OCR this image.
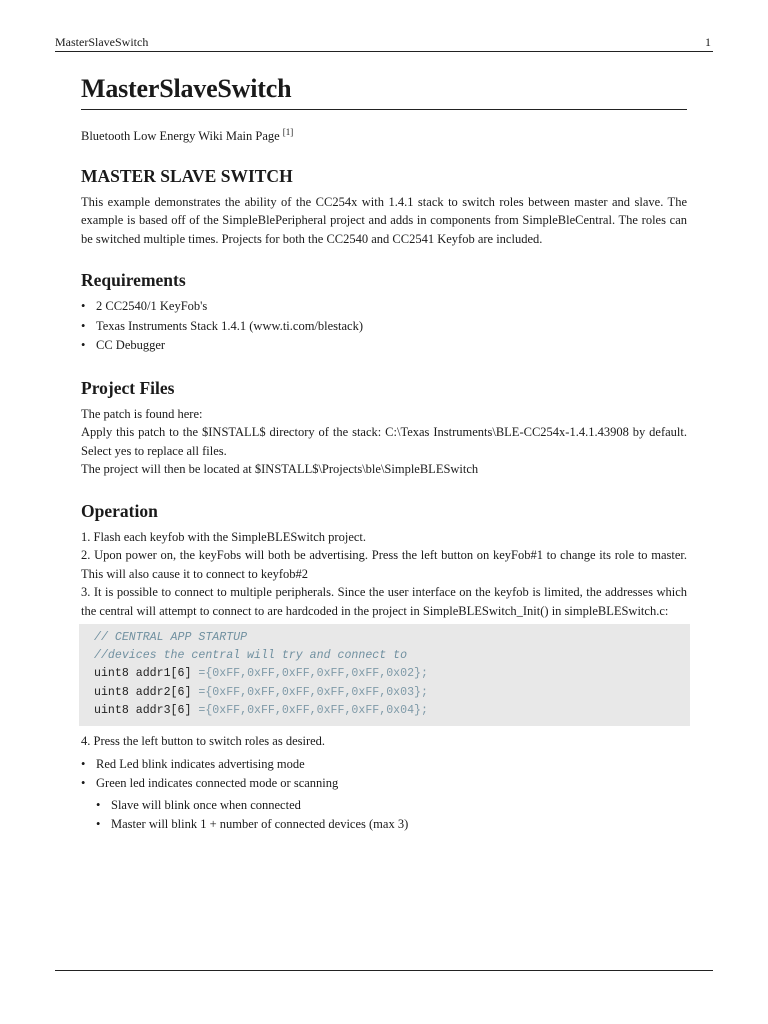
MasterSlaveSwitch	1
MasterSlaveSwitch

Bluetooth Low Energy Wiki Main Page [1]

MASTER SLAVE SWITCH

This example demonstrates the ability of the CC254x with 1.4.1 stack to switch roles between master and slave. The example is based off of the SimpleBlePeripheral project and adds in components from SimpleBleCentral. The roles can be switched multiple times. Projects for both the CC2540 and CC2541 Keyfob are included.

Requirements
• 2 CC2540/1 KeyFob's
• Texas Instruments Stack 1.4.1 (www.ti.com/blestack)
• CC Debugger
Project Files

The patch is found here:

Apply this patch to the $INSTALL$ directory of the stack: C:\Texas Instruments\BLE-CC254x-1.4.1.43908 by default. Select yes to replace all files.

The project will then be located at $INSTALL$\Projects\ble\SimpleBLESwitch

Operation

1. Flash each keyfob with the SimpleBLESwitch project.

2. Upon power on, the keyFobs will both be advertising. Press the left button on keyFob#1 to change its role to master. This will also cause it to connect to keyfob#2

3. It is possible to connect to multiple peripherals. Since the user interface on the keyfob is limited, the addresses which the central will attempt to connect to are hardcoded in the project in SimpleBLESwitch_Init() in simpleBLESwitch.c:

// CENTRAL APP STARTUP
//devices the central will try and connect to
uint8 addr1[6] ={0xFF,0xFF,0xFF,0xFF,0xFF,0x02};
uint8 addr2[6] ={0xFF,0xFF,0xFF,0xFF,0xFF,0x03};
uint8 addr3[6] ={0xFF,0xFF,0xFF,0xFF,0xFF,0x04};

4. Press the left button to switch roles as desired.

• Red Led blink indicates advertising mode
• Green led indicates connected mode or scanning
• Slave will blink once when connected
• Master will blink 1 + number of connected devices (max 3)
